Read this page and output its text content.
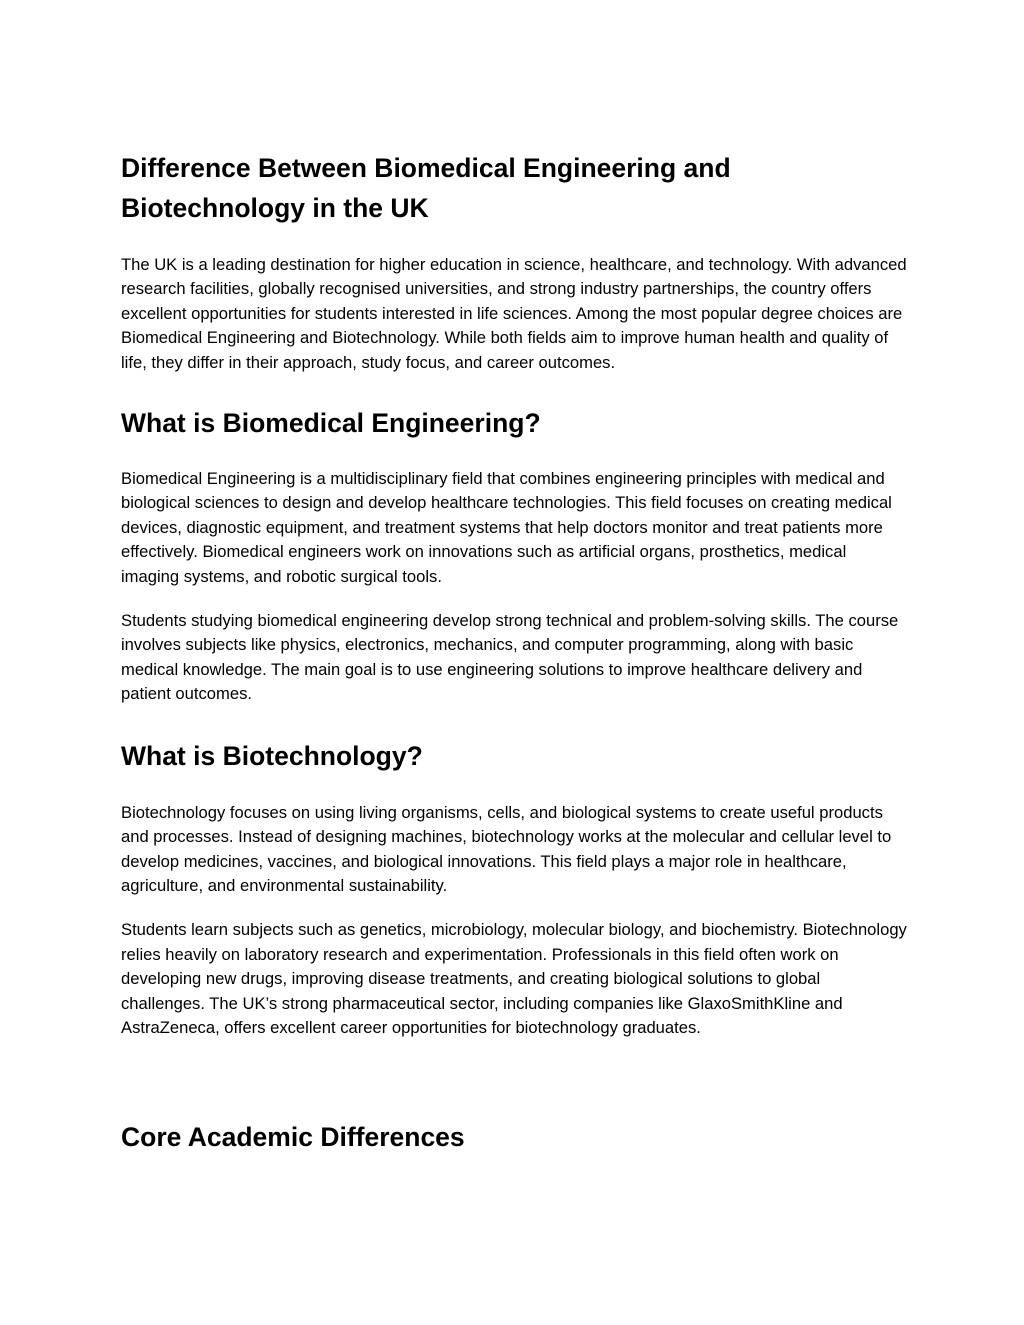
Difference Between Biomedical Engineering and Biotechnology in the UK

The UK is a leading destination for higher education in science, healthcare, and technology. With advanced research facilities, globally recognised universities, and strong industry partnerships, the country offers excellent opportunities for students interested in life sciences. Among the most popular degree choices are Biomedical Engineering and Biotechnology. While both fields aim to improve human health and quality of life, they differ in their approach, study focus, and career outcomes.

What is Biomedical Engineering?

Biomedical Engineering is a multidisciplinary field that combines engineering principles with medical and biological sciences to design and develop healthcare technologies. This field focuses on creating medical devices, diagnostic equipment, and treatment systems that help doctors monitor and treat patients more effectively. Biomedical engineers work on innovations such as artificial organs, prosthetics, medical imaging systems, and robotic surgical tools.

Students studying biomedical engineering develop strong technical and problem-solving skills. The course involves subjects like physics, electronics, mechanics, and computer programming, along with basic medical knowledge. The main goal is to use engineering solutions to improve healthcare delivery and patient outcomes.

What is Biotechnology?

Biotechnology focuses on using living organisms, cells, and biological systems to create useful products and processes. Instead of designing machines, biotechnology works at the molecular and cellular level to develop medicines, vaccines, and biological innovations. This field plays a major role in healthcare, agriculture, and environmental sustainability.

Students learn subjects such as genetics, microbiology, molecular biology, and biochemistry. Biotechnology relies heavily on laboratory research and experimentation. Professionals in this field often work on developing new drugs, improving disease treatments, and creating biological solutions to global challenges. The UK’s strong pharmaceutical sector, including companies like GlaxoSmithKline and AstraZeneca, offers excellent career opportunities for biotechnology graduates.

Core Academic Differences
